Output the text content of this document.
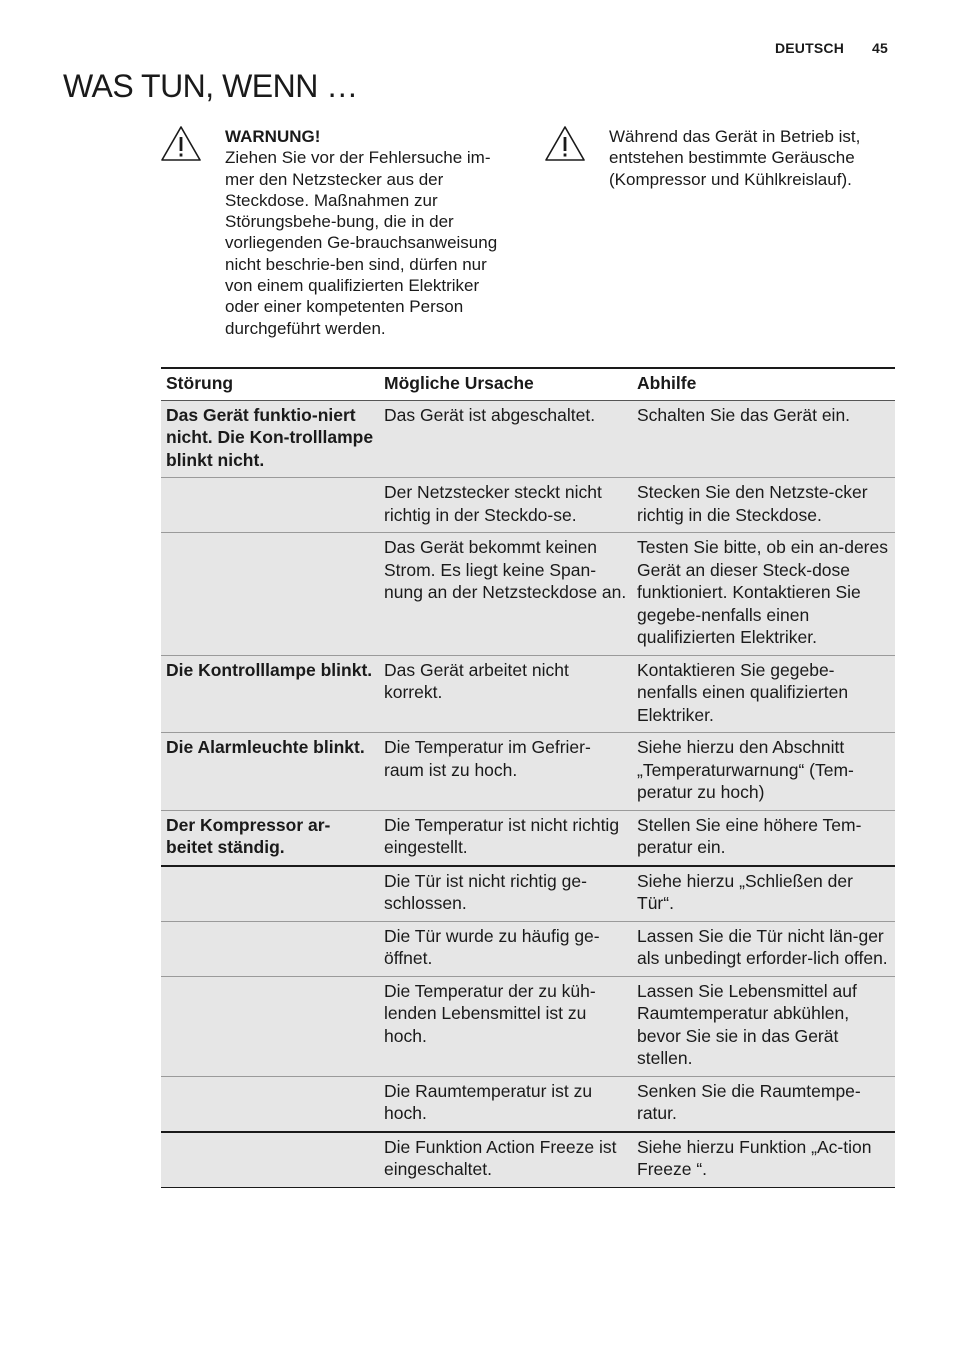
DEUTSCH 45
WAS TUN, WENN …
WARNUNG!
Ziehen Sie vor der Fehlersuche im-mer den Netzstecker aus der Steckdose. Maßnahmen zur Störungsbehe-bung, die in der vorliegenden Ge-brauchsanweisung nicht beschrie-ben sind, dürfen nur von einem qualifizierten Elektriker oder einer kompetenten Person durchgeführt werden.
Während das Gerät in Betrieb ist, entstehen bestimmte Geräusche (Kompressor und Kühlkreislauf).
Störung	Mögliche Ursache	Abhilfe
Das Gerät funktio-niert nicht. Die Kon-trolllampe blinkt nicht.	Das Gerät ist abgeschaltet.	Schalten Sie das Gerät ein.
	Der Netzstecker steckt nicht richtig in der Steckdo-se.	Stecken Sie den Netzste-cker richtig in die Steckdose.
	Das Gerät bekommt keinen Strom. Es liegt keine Span-nung an der Netzsteckdose an.	Testen Sie bitte, ob ein an-deres Gerät an dieser Steck-dose funktioniert. Kontaktieren Sie gegebe-nenfalls einen qualifizierten Elektriker.
Die Kontrolllampe blinkt.	Das Gerät arbeitet nicht korrekt.	Kontaktieren Sie gegebe-nenfalls einen qualifizierten Elektriker.
Die Alarmleuchte blinkt.	Die Temperatur im Gefrier-raum ist zu hoch.	Siehe hierzu den Abschnitt „Temperaturwarnung“ (Tem-peratur zu hoch)
Der Kompressor ar-beitet ständig.	Die Temperatur ist nicht richtig eingestellt.	Stellen Sie eine höhere Tem-peratur ein.
	Die Tür ist nicht richtig ge-schlossen.	Siehe hierzu „Schließen der Tür“.
	Die Tür wurde zu häufig ge-öffnet.	Lassen Sie die Tür nicht län-ger als unbedingt erforder-lich offen.
	Die Temperatur der zu küh-lenden Lebensmittel ist zu hoch.	Lassen Sie Lebensmittel auf Raumtemperatur abkühlen, bevor Sie sie in das Gerät stellen.
	Die Raumtemperatur ist zu hoch.	Senken Sie die Raumtempe-ratur.
	Die Funktion Action Freeze ist eingeschaltet.	Siehe hierzu Funktion „Ac-tion Freeze “.
